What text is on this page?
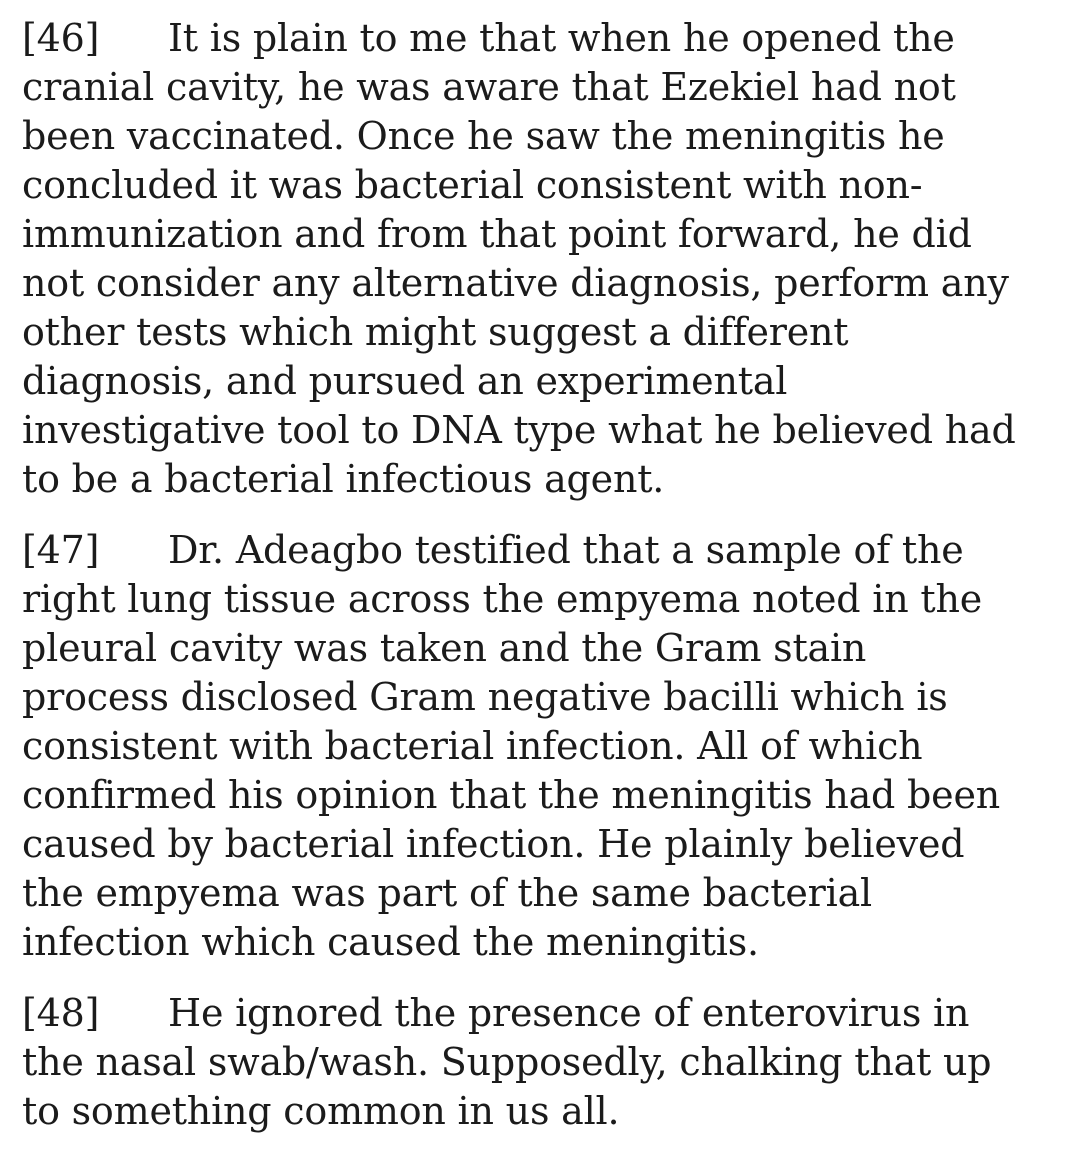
[46] It is plain to me that when he opened the
cranial cavity, he was aware that Ezekiel had not
been vaccinated. Once he saw the meningitis he
concluded it was bacterial consistent with non-
immunization and from that point forward, he did
not consider any alternative diagnosis, perform any
other tests which might suggest a different
diagnosis, and pursued an experimental
investigative tool to DNA type what he believed had
to be a bacterial infectious agent.
[47] Dr. Adeagbo testified that a sample of the
right lung tissue across the empyema noted in the
pleural cavity was taken and the Gram stain
process disclosed Gram negative bacilli which is
consistent with bacterial infection. All of which
confirmed his opinion that the meningitis had been
caused by bacterial infection. He plainly believed
the empyema was part of the same bacterial
infection which caused the meningitis.
[48] He ignored the presence of enterovirus in
the nasal swab/wash. Supposedly, chalking that up
to something common in us all.
